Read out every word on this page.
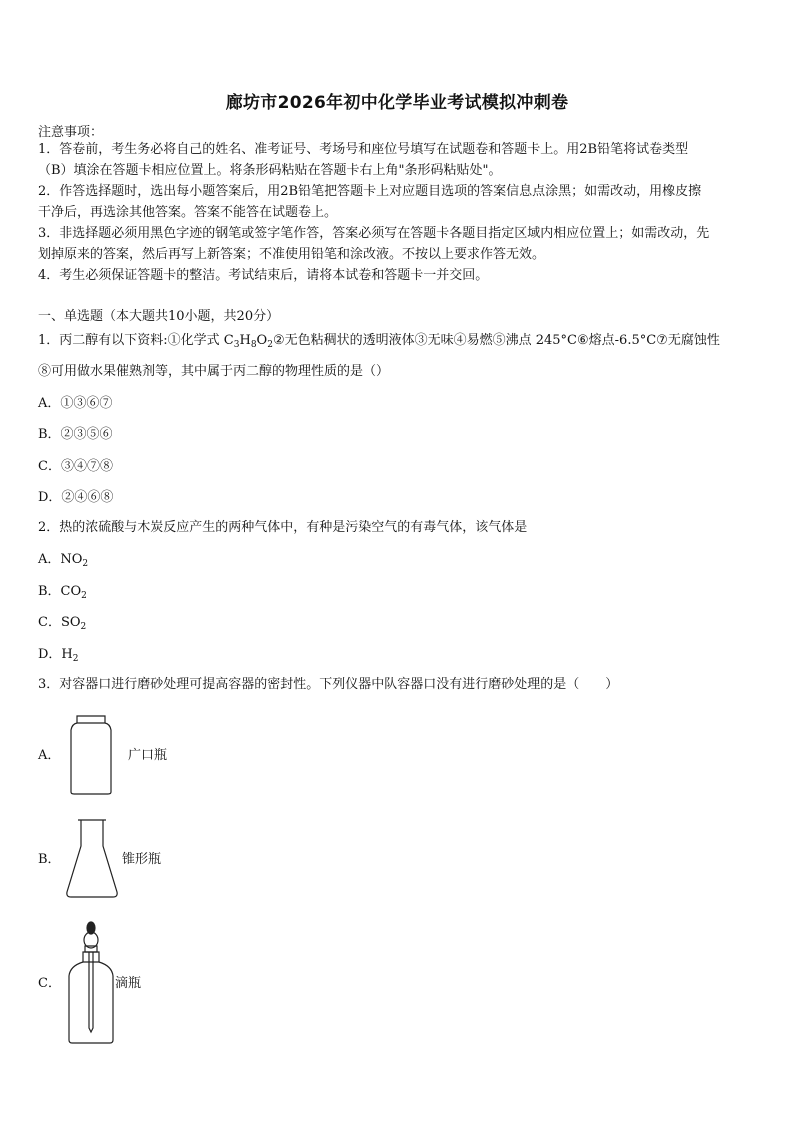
廊坊市2026年初中化学毕业考试模拟冲刺卷
注意事项：

1．答卷前，考生务必将自己的姓名、准考证号、考场号和座位号填写在试题卷和答题卡上。用2B铅笔将试卷类型

（B）填涂在答题卡相应位置上。将条形码粘贴在答题卡右上角"条形码粘贴处"。

2．作答选择题时，选出每小题答案后，用2B铅笔把答题卡上对应题目选项的答案信息点涂黑；如需改动，用橡皮擦

干净后，再选涂其他答案。答案不能答在试题卷上。

3．非选择题必须用黑色字迹的钢笔或签字笔作答，答案必须写在答题卡各题目指定区域内相应位置上；如需改动，先

划掉原来的答案，然后再写上新答案；不准使用铅笔和涂改液。不按以上要求作答无效。

4．考生必须保证答题卡的整洁。考试结束后，请将本试卷和答题卡一并交回。

一、单选题（本大题共10小题，共20分）
1．丙二醇有以下资料:①化学式 $C_3H_8O_2②$无色粘稠状的透明液体③无味④易燃⑤沸点 245°C⑥熔点-6.5°C⑦无腐蚀性
⑧可用做水果催熟剂等，其中属于丙二醇的物理性质的是（）
A．①③⑥⑦
B．②③⑤⑥
C．③④⑦⑧
D．②④⑥⑧
2．热的浓硫酸与木炭反应产生的两种气体中，有种是污染空气的有毒气体，该气体是
A．$NO_2$
B．$CO_2$
C．$SO_2$
D．$H_2$
3．对容器口进行磨砂处理可提高容器的密封性。下列仪器中队容器口没有进行磨砂处理的是（　　）
A．	广口瓶
B．	锥形瓶
C．	滴瓶
